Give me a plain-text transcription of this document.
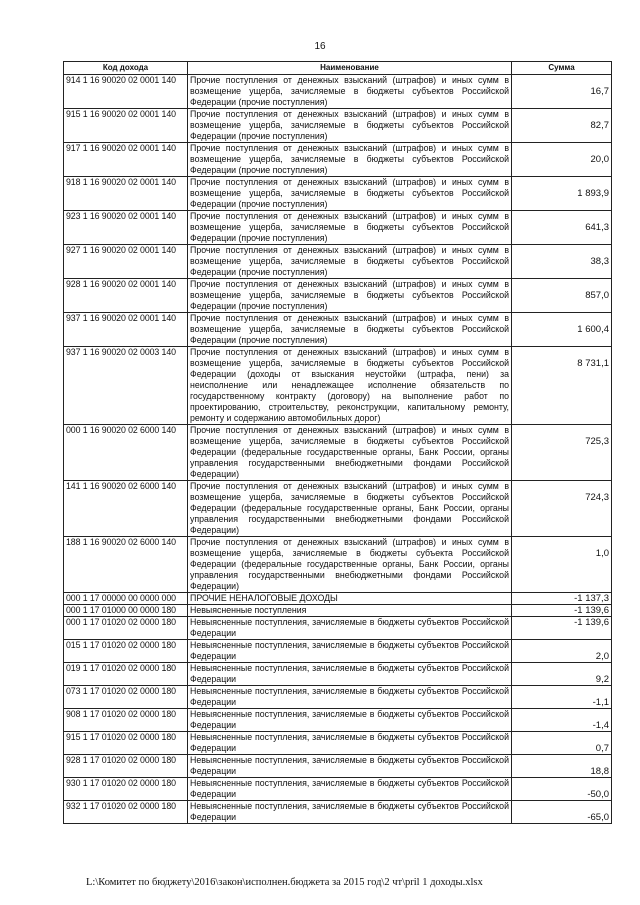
16
Код дохода	Наименование	Сумма
914 1 16 90020 02 0001 140	Прочие поступления от денежных взысканий (штрафов) и иных сумм в возмещение ущерба, зачисляемые в бюджеты субъектов Российской Федерации (прочие поступления)	16,7

915 1 16 90020 02 0001 140	Прочие поступления от денежных взысканий (штрафов) и иных сумм в возмещение ущерба, зачисляемые в бюджеты субъектов Российской Федерации (прочие поступления)	82,7

917 1 16 90020 02 0001 140	Прочие поступления от денежных взысканий (штрафов) и иных сумм в возмещение ущерба, зачисляемые в бюджеты субъектов Российской Федерации (прочие поступления)	20,0

918 1 16 90020 02 0001 140	Прочие поступления от денежных взысканий (штрафов) и иных сумм в возмещение ущерба, зачисляемые в бюджеты субъектов Российской Федерации (прочие поступления)	1 893,9

923 1 16 90020 02 0001 140	Прочие поступления от денежных взысканий (штрафов) и иных сумм в возмещение ущерба, зачисляемые в бюджеты субъектов Российской Федерации (прочие поступления)	641,3

927 1 16 90020 02 0001 140	Прочие поступления от денежных взысканий (штрафов) и иных сумм в возмещение ущерба, зачисляемые в бюджеты субъектов Российской Федерации (прочие поступления)	38,3

928 1 16 90020 02 0001 140	Прочие поступления от денежных взысканий (штрафов) и иных сумм в возмещение ущерба, зачисляемые в бюджеты субъектов Российской Федерации (прочие поступления)	857,0

937 1 16 90020 02 0001 140	Прочие поступления от денежных взысканий (штрафов) и иных сумм в возмещение ущерба, зачисляемые в бюджеты субъектов Российской Федерации (прочие поступления)	1 600,4

937 1 16 90020 02 0003 140	Прочие поступления от денежных взысканий (штрафов) и иных сумм в возмещение ущерба, зачисляемые в бюджеты субъектов Российской Федерации (доходы от взыскания неустойки (штрафа, пени) за неисполнение или ненадлежащее исполнение обязательств по государственному контракту (договору) на выполнение работ по проектированию, строительству, реконструкции, капитальному ремонту, ремонту и содержанию автомобильных дорог)	8 731,1

000 1 16 90020 02 6000 140	Прочие поступления от денежных взысканий (штрафов) и иных сумм в возмещение ущерба, зачисляемые в бюджеты субъектов Российской Федерации (федеральные государственные органы, Банк России, органы управления государственными внебюджетными фондами Российской Федерации)	725,3

141 1 16 90020 02 6000 140	Прочие поступления от денежных взысканий (штрафов) и иных сумм в возмещение ущерба, зачисляемые в бюджеты субъектов Российской Федерации (федеральные государственные органы, Банк России, органы управления государственными внебюджетными фондами Российской Федерации)	724,3

188 1 16 90020 02 6000 140	Прочие поступления от денежных взысканий (штрафов) и иных сумм в возмещение ущерба, зачисляемые в бюджеты субъекта Российской Федерации (федеральные государственные органы, Банк России, органы управления государственными внебюджетными фондами Российской Федерации)	1,0

000 1 17 00000 00 0000 000	ПРОЧИЕ НЕНАЛОГОВЫЕ ДОХОДЫ	-1 137,3

000 1 17 01000 00 0000 180	Невыясненные поступления	-1 139,6

000 1 17 01020 02 0000 180	Невыясненные поступления, зачисляемые в бюджеты субъектов Российской Федерации	-1 139,6

015 1 17 01020 02 0000 180	Невыясненные поступления, зачисляемые в бюджеты субъектов Российской Федерации	2,0

019 1 17 01020 02 0000 180	Невыясненные поступления, зачисляемые в бюджеты субъектов Российской Федерации	9,2

073 1 17 01020 02 0000 180	Невыясненные поступления, зачисляемые в бюджеты субъектов Российской Федерации	-1,1

908 1 17 01020 02 0000 180	Невыясненные поступления, зачисляемые в бюджеты субъектов Российской Федерации	-1,4

915 1 17 01020 02 0000 180	Невыясненные поступления, зачисляемые в бюджеты субъектов Российской Федерации	0,7

928 1 17 01020 02 0000 180	Невыясненные поступления, зачисляемые в бюджеты субъектов Российской Федерации	18,8

930 1 17 01020 02 0000 180	Невыясненные поступления, зачисляемые в бюджеты субъектов Российской Федерации	-50,0

932 1 17 01020 02 0000 180	Невыясненные поступления, зачисляемые в бюджеты субъектов Российской Федерации	-65,0
L:\Комитет по бюджету\2016\закон\исполнен.бюджета за 2015 год\2 чт\pril 1 доходы.xlsx
